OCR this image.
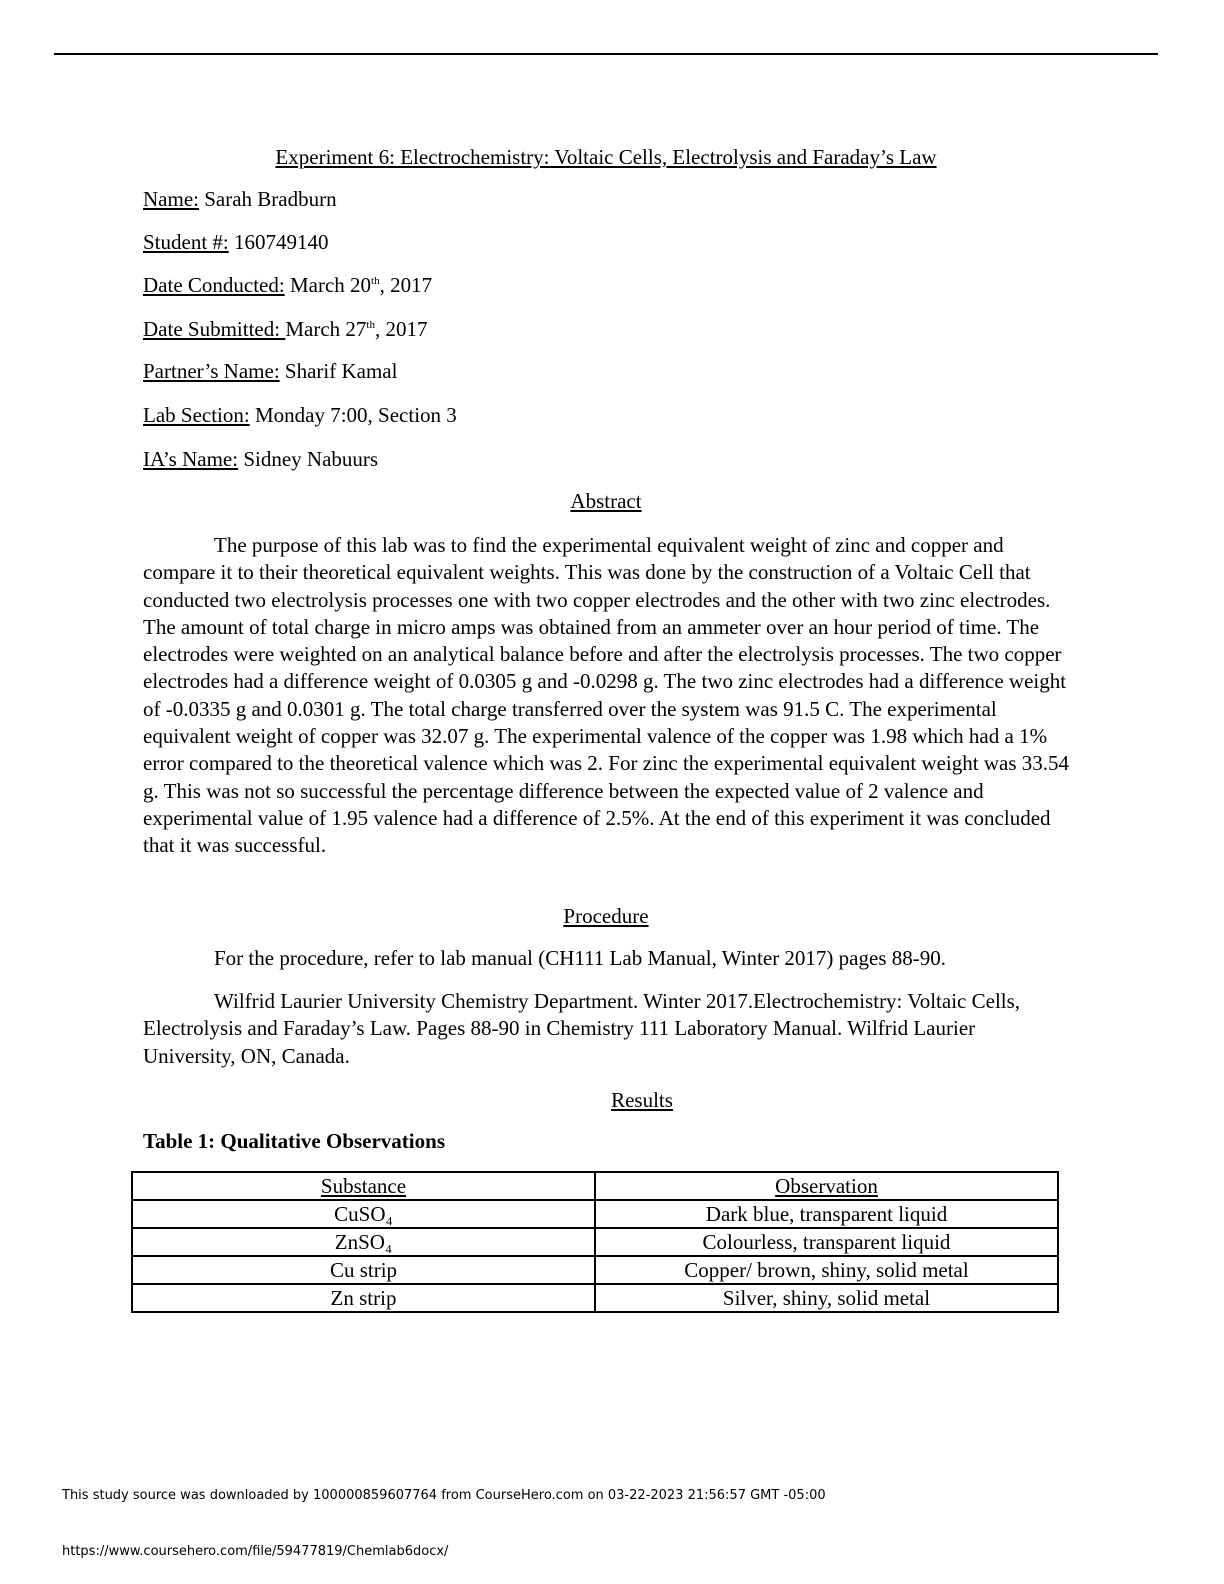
Experiment 6: Electrochemistry: Voltaic Cells, Electrolysis and Faraday’s Law
Name: Sarah Bradburn
Student #: 160749140
Date Conducted: March 20th, 2017
Date Submitted: March 27th, 2017
Partner’s Name: Sharif Kamal
Lab Section: Monday 7:00, Section 3
IA’s Name: Sidney Nabuurs
Abstract

The purpose of this lab was to find the experimental equivalent weight of zinc and copper and compare it to their theoretical equivalent weights. This was done by the construction of a Voltaic Cell that conducted two electrolysis processes one with two copper electrodes and the other with two zinc electrodes. The amount of total charge in micro amps was obtained from an ammeter over an hour period of time. The electrodes were weighted on an analytical balance before and after the electrolysis processes. The two copper electrodes had a difference weight of 0.0305 g and -0.0298 g. The two zinc electrodes had a difference weight of -0.0335 g and 0.0301 g. The total charge transferred over the system was 91.5 C. The experimental equivalent weight of copper was 32.07 g. The experimental valence of the copper was 1.98 which had a 1% error compared to the theoretical valence which was 2. For zinc the experimental equivalent weight was 33.54 g. This was not so successful the percentage difference between the expected value of 2 valence and experimental value of 1.95 valence had a difference of 2.5%. At the end of this experiment it was concluded that it was successful.

Procedure

For the procedure, refer to lab manual (CH111 Lab Manual, Winter 2017) pages 88-90.

Wilfrid Laurier University Chemistry Department. Winter 2017.Electrochemistry: Voltaic Cells, Electrolysis and Faraday’s Law. Pages 88-90 in Chemistry 111 Laboratory Manual. Wilfrid Laurier University, ON, Canada.

Results
Table 1: Qualitative Observations
Substance	Observation
CuSO₄	Dark blue, transparent liquid
ZnSO₄	Colourless, transparent liquid
Cu strip	Copper/ brown, shiny, solid metal
Zn strip	Silver, shiny, solid metal
This study source was downloaded by 100000859607764 from CourseHero.com on 03-22-2023 21:56:57 GMT -05:00
https://www.coursehero.com/file/59477819/Chemlab6docx/
